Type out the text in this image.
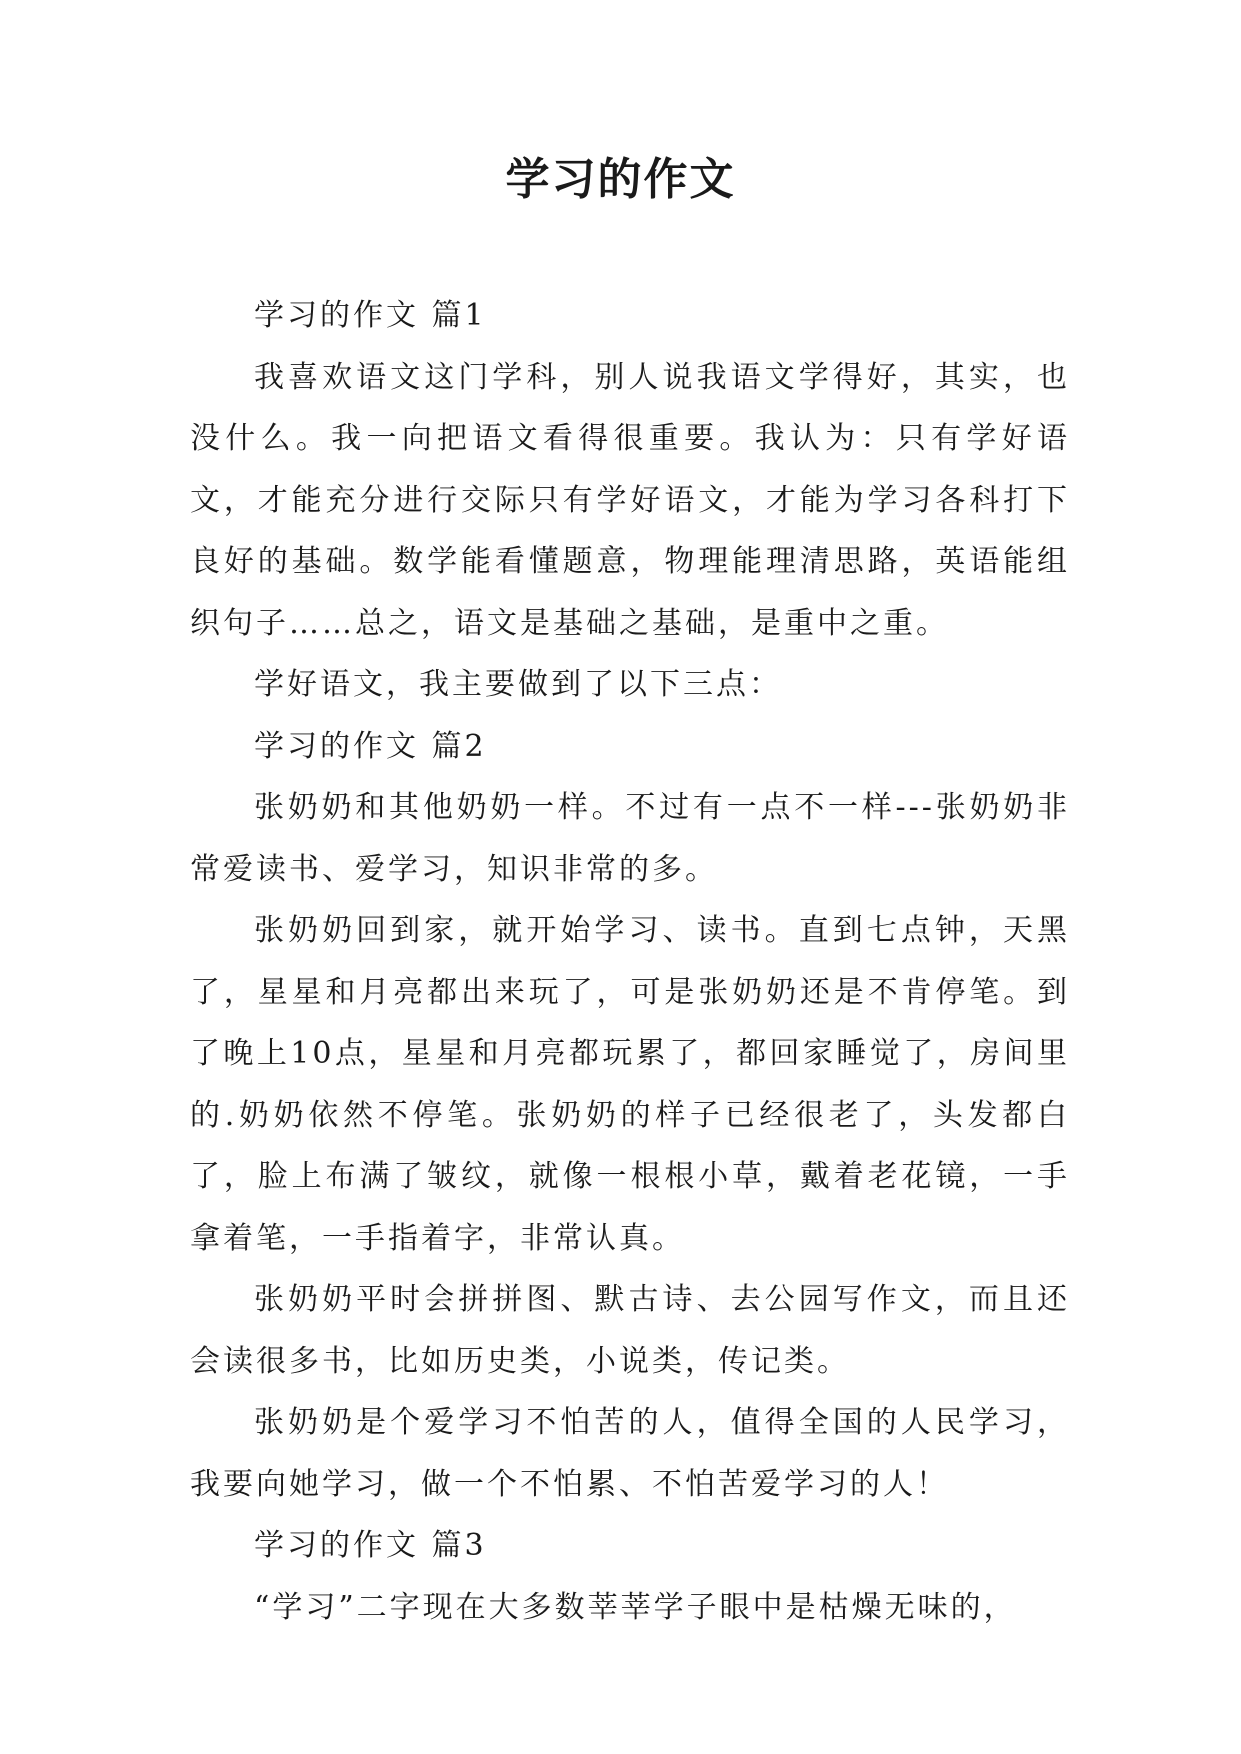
学习的作文

学习的作文 篇1

我喜欢语文这门学科，别人说我语文学得好，其实，也没什么。我一向把语文看得很重要。我认为：只有学好语文，才能充分进行交际只有学好语文，才能为学习各科打下良好的基础。数学能看懂题意，物理能理清思路，英语能组织句子……总之，语文是基础之基础，是重中之重。

学好语文，我主要做到了以下三点：

学习的作文 篇2

张奶奶和其他奶奶一样。不过有一点不一样---张奶奶非常爱读书、爱学习，知识非常的多。

张奶奶回到家，就开始学习、读书。直到七点钟，天黑了，星星和月亮都出来玩了，可是张奶奶还是不肯停笔。到了晚上10点，星星和月亮都玩累了，都回家睡觉了，房间里的.奶奶依然不停笔。张奶奶的样子已经很老了，头发都白了，脸上布满了皱纹，就像一根根小草，戴着老花镜，一手拿着笔，一手指着字，非常认真。

张奶奶平时会拼拼图、默古诗、去公园写作文，而且还会读很多书，比如历史类，小说类，传记类。

张奶奶是个爱学习不怕苦的人，值得全国的人民学习，我要向她学习，做一个不怕累、不怕苦爱学习的人！

学习的作文 篇3

“学习”二字现在大多数莘莘学子眼中是枯燥无味的，
